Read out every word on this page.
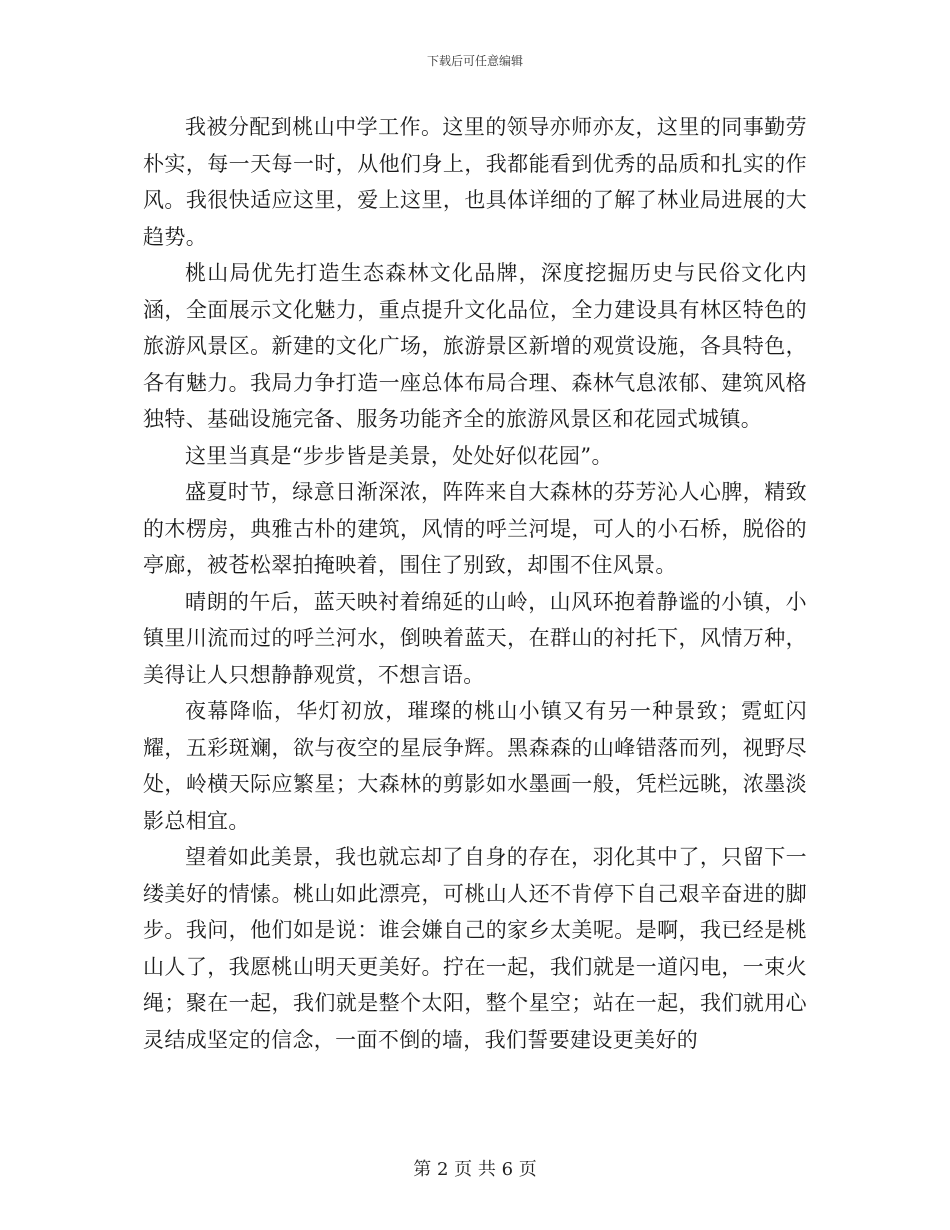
下载后可任意编辑

我被分配到桃山中学工作。这里的领导亦师亦友，这里的同事勤劳朴实，每一天每一时，从他们身上，我都能看到优秀的品质和扎实的作风。我很快适应这里，爱上这里，也具体详细的了解了林业局进展的大趋势。

桃山局优先打造生态森林文化品牌，深度挖掘历史与民俗文化内涵，全面展示文化魅力，重点提升文化品位，全力建设具有林区特色的旅游风景区。新建的文化广场，旅游景区新增的观赏设施，各具特色，各有魅力。我局力争打造一座总体布局合理、森林气息浓郁、建筑风格独特、基础设施完备、服务功能齐全的旅游风景区和花园式城镇。

这里当真是“步步皆是美景，处处好似花园”。

盛夏时节，绿意日渐深浓，阵阵来自大森林的芬芳沁人心脾，精致的木楞房，典雅古朴的建筑，风情的呼兰河堤，可人的小石桥，脱俗的亭廊，被苍松翠拍掩映着，围住了别致，却围不住风景。

晴朗的午后，蓝天映衬着绵延的山岭，山风环抱着静谧的小镇，小镇里川流而过的呼兰河水，倒映着蓝天，在群山的衬托下，风情万种，美得让人只想静静观赏，不想言语。

夜幕降临，华灯初放，璀璨的桃山小镇又有另一种景致；霓虹闪耀，五彩斑斓，欲与夜空的星辰争辉。黑森森的山峰错落而列，视野尽处，岭横天际应繁星；大森林的剪影如水墨画一般，凭栏远眺，浓墨淡影总相宜。

望着如此美景，我也就忘却了自身的存在，羽化其中了，只留下一缕美好的情愫。桃山如此漂亮，可桃山人还不肯停下自己艰辛奋进的脚步。我问，他们如是说：谁会嫌自己的家乡太美呢。是啊，我已经是桃山人了，我愿桃山明天更美好。拧在一起，我们就是一道闪电，一束火绳；聚在一起，我们就是整个太阳，整个星空；站在一起，我们就用心灵结成坚定的信念，一面不倒的墙，我们誓要建设更美好的

第 2 页 共 6 页
